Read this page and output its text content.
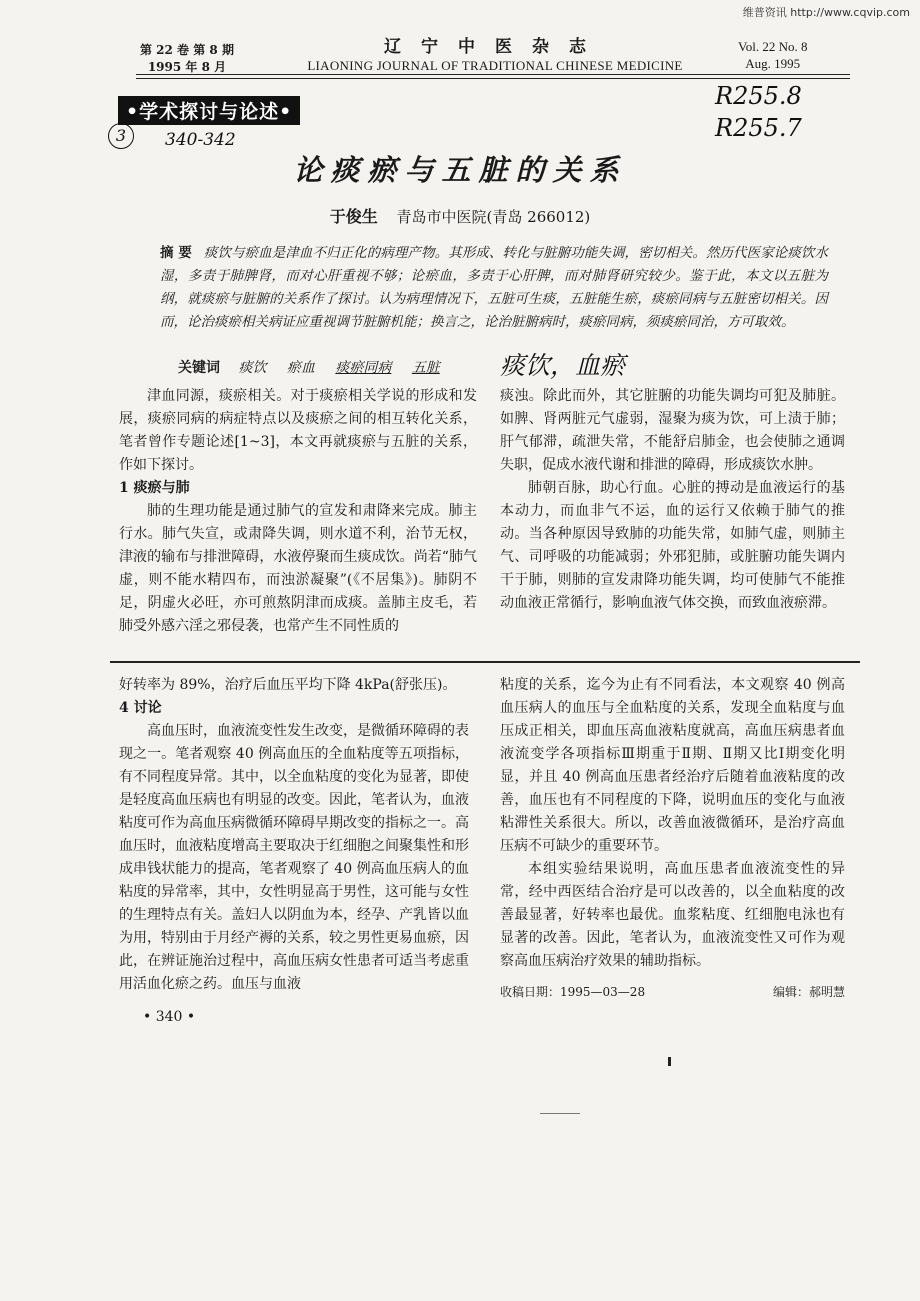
维普资讯 http://www.cqvip.com
第 22 卷 第 8 期
1995 年 8 月
辽宁中医杂志
LIAONING JOURNAL OF TRADITIONAL CHINESE MEDICINE
Vol. 22 No. 8
Aug. 1995
•学术探讨与论述•
3	340-342
R255.8
R255.7
论痰瘀与五脏的关系
于俊生 青岛市中医院(青岛 266012)
摘 要 痰饮与瘀血是津血不归正化的病理产物。其形成、转化与脏腑功能失调，密切相关。然历代医家论痰饮水湿，多责于肺脾肾，而对心肝重视不够；论瘀血，多责于心肝脾，而对肺肾研究较少。鉴于此，本文以五脏为纲，就痰瘀与脏腑的关系作了探讨。认为病理情况下，五脏可生痰，五脏能生瘀，痰瘀同病与五脏密切相关。因而，论治痰瘀相关病证应重视调节脏腑机能；换言之，论治脏腑病时，痰瘀同病，须痰瘀同治，方可取效。
关键词 痰饮 瘀血 痰瘀同病 五脏	痰饮，血瘀

津血同源，痰瘀相关。对于痰瘀相关学说的形成和发展，痰瘀同病的病症特点以及痰瘀之间的相互转化关系，笔者曾作专题论述[1~3]，本文再就痰瘀与五脏的关系，作如下探讨。

1 痰瘀与肺

肺的生理功能是通过肺气的宣发和肃降来完成。肺主行水。肺气失宣，或肃降失调，则水道不利，治节无权，津液的输布与排泄障碍，水液停聚而生痰成饮。尚若“肺气虚，则不能水精四布，而浊淤凝聚”(《不居集》)。肺阴不足，阴虚火必旺，亦可煎熬阴津而成痰。盖肺主皮毛，若肺受外感六淫之邪侵袭，也常产生不同性质的

痰浊。除此而外，其它脏腑的功能失调均可犯及肺脏。如脾、肾两脏元气虚弱，湿聚为痰为饮，可上渍于肺；肝气郁滞，疏泄失常，不能舒启肺金，也会使肺之通调失职，促成水液代谢和排泄的障碍，形成痰饮水肿。

肺朝百脉，助心行血。心脏的搏动是血液运行的基本动力，而血非气不运，血的运行又依赖于肺气的推动。当各种原因导致肺的功能失常，如肺气虚，则肺主气、司呼吸的功能减弱；外邪犯肺，或脏腑功能失调内干于肺，则肺的宣发肃降功能失调，均可使肺气不能推动血液正常循行，影响血液气体交换，而致血液瘀滞。

好转率为 89%，治疗后血压平均下降 4kPa(舒张压)。

4 讨论

高血压时，血液流变性发生改变，是微循环障碍的表现之一。笔者观察 40 例高血压的全血粘度等五项指标，有不同程度异常。其中，以全血粘度的变化为显著，即使是轻度高血压病也有明显的改变。因此，笔者认为，血液粘度可作为高血压病微循环障碍早期改变的指标之一。高血压时，血液粘度增高主要取决于红细胞之间聚集性和形成串钱状能力的提高，笔者观察了 40 例高血压病人的血粘度的异常率，其中，女性明显高于男性，这可能与女性的生理特点有关。盖妇人以阴血为本，经孕、产乳皆以血为用，特别由于月经产褥的关系，较之男性更易血瘀，因此，在辨证施治过程中，高血压病女性患者可适当考虑重用活血化瘀之药。血压与血液

• 340 •

粘度的关系，迄今为止有不同看法，本文观察 40 例高血压病人的血压与全血粘度的关系，发现全血粘度与血压成正相关，即血压高血液粘度就高，高血压病患者血液流变学各项指标Ⅲ期重于Ⅱ期、Ⅱ期又比Ⅰ期变化明显，并且 40 例高血压患者经治疗后随着血液粘度的改善，血压也有不同程度的下降，说明血压的变化与血液粘滞性关系很大。所以，改善血液微循环，是治疗高血压病不可缺少的重要环节。

本组实验结果说明，高血压患者血液流变性的异常，经中西医结合治疗是可以改善的，以全血粘度的改善最显著，好转率也最优。血浆粘度、红细胞电泳也有显著的改善。因此，笔者认为，血液流变性又可作为观察高血压病治疗效果的辅助指标。

收稿日期：1995—03—28	编辑：郝明慧
